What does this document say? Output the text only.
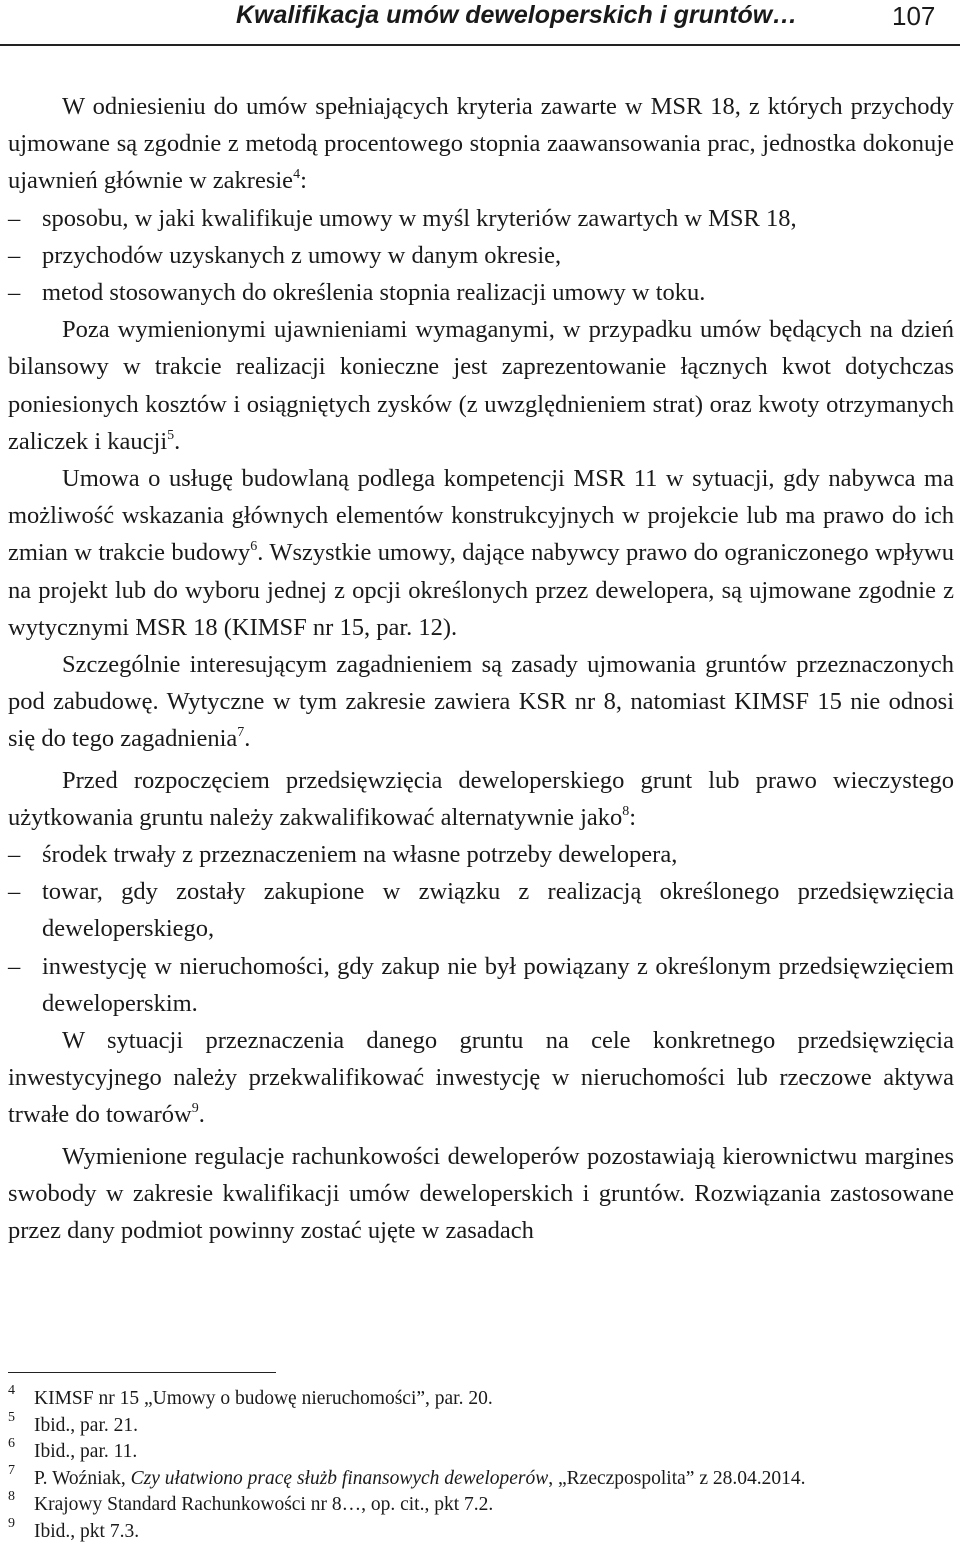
Kwalifikacja umów deweloperskich i gruntów…	107

W odniesieniu do umów spełniających kryteria zawarte w MSR 18, z których przychody ujmowane są zgodnie z metodą procentowego stopnia zaawansowania prac, jednostka dokonuje ujawnień głównie w zakresie$^4$:

– sposobu, w jaki kwalifikuje umowy w myśl kryteriów zawartych w MSR 18,
– przychodów uzyskanych z umowy w danym okresie,
– metod stosowanych do określenia stopnia realizacji umowy w toku.

Poza wymienionymi ujawnieniami wymaganymi, w przypadku umów będących na dzień bilansowy w trakcie realizacji konieczne jest zaprezentowanie łącznych kwot dotychczas poniesionych kosztów i osiągniętych zysków (z uwzględnieniem strat) oraz kwoty otrzymanych zaliczek i kaucji$^5$.

Umowa o usługę budowlaną podlega kompetencji MSR 11 w sytuacji, gdy nabywca ma możliwość wskazania głównych elementów konstrukcyjnych w projekcie lub ma prawo do ich zmian w trakcie budowy$^6$. Wszystkie umowy, dające nabywcy prawo do ograniczonego wpływu na projekt lub do wyboru jednej z opcji określonych przez dewelopera, są ujmowane zgodnie z wytycznymi MSR 18 (KIMSF nr 15, par. 12).

Szczególnie interesującym zagadnieniem są zasady ujmowania gruntów przeznaczonych pod zabudowę. Wytyczne w tym zakresie zawiera KSR nr 8, natomiast KIMSF 15 nie odnosi się do tego zagadnienia$^7$.

Przed rozpoczęciem przedsięwzięcia deweloperskiego grunt lub prawo wieczystego użytkowania gruntu należy zakwalifikować alternatywnie jako$^8$:

– środek trwały z przeznaczeniem na własne potrzeby dewelopera,
– towar, gdy zostały zakupione w związku z realizacją określonego przedsięwzięcia deweloperskiego,
– inwestycję w nieruchomości, gdy zakup nie był powiązany z określonym przedsięwzięciem deweloperskim.

W sytuacji przeznaczenia danego gruntu na cele konkretnego przedsięwzięcia inwestycyjnego należy przekwalifikować inwestycję w nieruchomości lub rzeczowe aktywa trwałe do towarów$^9$.

Wymienione regulacje rachunkowości deweloperów pozostawiają kierownictwu margines swobody w zakresie kwalifikacji umów deweloperskich i gruntów. Rozwiązania zastosowane przez dany podmiot powinny zostać ujęte w zasadach

4 KIMSF nr 15 „Umowy o budowę nieruchomości”, par. 20.
5 Ibid., par. 21.
6 Ibid., par. 11.
7 P. Woźniak, Czy ułatwiono pracę służb finansowych deweloperów, „Rzeczpospolita” z 28.04.2014.
8 Krajowy Standard Rachunkowości nr 8…, op. cit., pkt 7.2.
9 Ibid., pkt 7.3.
